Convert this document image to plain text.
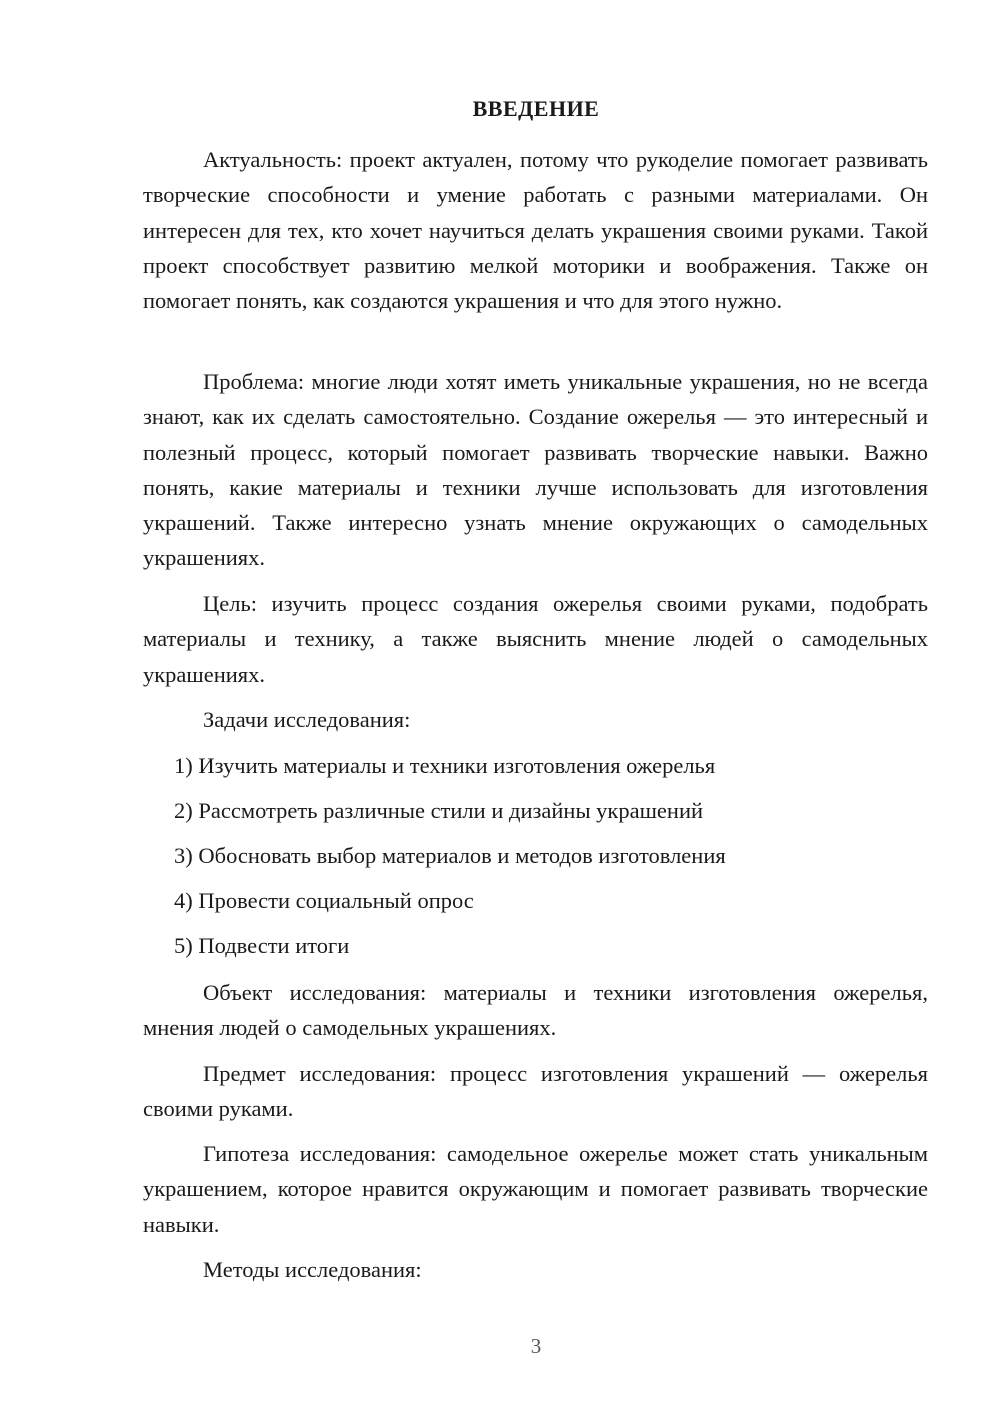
ВВЕДЕНИЕ

Актуальность: проект актуален, потому что рукоделие помогает развивать творческие способности и умение работать с разными материалами. Он интересен для тех, кто хочет научиться делать украшения своими руками. Такой проект способствует развитию мелкой моторики и воображения. Также он помогает понять, как создаются украшения и что для этого нужно.

Проблема: многие люди хотят иметь уникальные украшения, но не всегда знают, как их сделать самостоятельно. Создание ожерелья — это интересный и полезный процесс, который помогает развивать творческие навыки. Важно понять, какие материалы и техники лучше использовать для изготовления украшений. Также интересно узнать мнение окружающих о самодельных украшениях.

Цель: изучить процесс создания ожерелья своими руками, подобрать материалы и технику, а также выяснить мнение людей о самодельных украшениях.

Задачи исследования:

1) Изучить материалы и техники изготовления ожерелья

2) Рассмотреть различные стили и дизайны украшений

3) Обосновать выбор материалов и методов изготовления

4) Провести социальный опрос

5) Подвести итоги

Объект исследования: материалы и техники изготовления ожерелья, мнения людей о самодельных украшениях.

Предмет исследования: процесс изготовления украшений — ожерелья своими руками.

Гипотеза исследования: самодельное ожерелье может стать уникальным украшением, которое нравится окружающим и помогает развивать творческие навыки.

Методы исследования:

3
